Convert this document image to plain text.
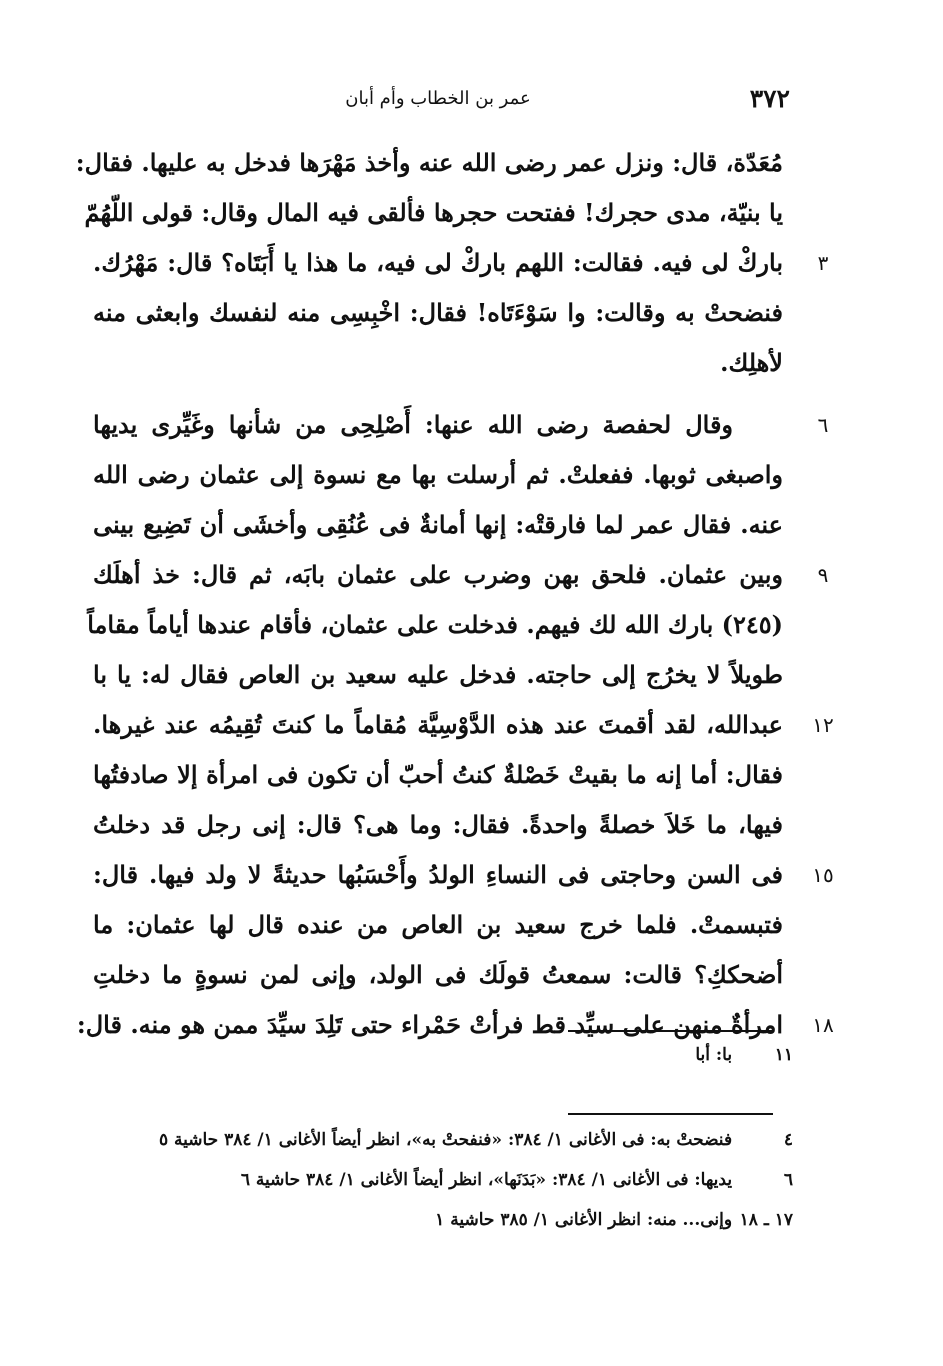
٣٧٢
عمر بن الخطاب وأم أبان
مُعَدّة، قال: ونزل عمر رضى الله عنه وأخذ مَهْرَها فدخل به عليها. فقال:
يا بنيّة، مدى حجرك! ففتحت حجرها فألقى فيه المال وقال: قولى اللّهُمّ
٣
باركْ لى فيه. فقالت: اللهم باركْ لى فيه، ما هذا يا أَبَتَاه؟ قال: مَهْرُك.
فنضحتْ به وقالت: وا سَوْءَتَاه! فقال: اخْبِسِى منه لنفسك وابعثى منه
لأهلِك.
٦
وقال لحفصة رضى الله عنها: أَصْلِحِى من شأنها وغَيِّرى يديها
واصبغى ثوبها. ففعلتْ. ثم أرسلت بها مع نسوة إلى عثمان رضى الله
عنه. فقال عمر لما فارقتْه: إنها أمانةٌ فى عُنُقِى وأخشَى أن تَضِيع بينى
٩
وبين عثمان. فلحق بهن وضرب على عثمان بابَه، ثم قال: خذ أهلَك
(٢٤٥) بارك الله لك فيهم. فدخلت على عثمان، فأقام عندها أياماً مقاماً
طويلاً لا يخرُج إلى حاجته. فدخل عليه سعيد بن العاص فقال له: يا با
١٢
عبدالله، لقد أقمتَ عند هذه الدَّوْسِيَّة مُقاماً ما كنتَ تُقِيمُه عند غيرها.
فقال: أما إنه ما بقيتْ خَصْلةٌ كنتُ أحبّ أن تكون فى امرأة إلا صادفتُها
فيها، ما خَلاَ خصلةً واحدةً. فقال: وما هى؟ قال: إنى رجل قد دخلتُ
١٥
فى السن وحاجتى فى النساءِ الولدُ وأَحْسَبُها حديثةً لا ولد فيها. قال:
فتبسمتْ. فلما خرج سعيد بن العاص من عنده قال لها عثمان: ما
أضحككِ؟ قالت: سمعتُ قولَك فى الولد، وإنى لمن نسوةٍ ما دخلتِ
١٨
امرأةٌ منهن على سيِّد قط فرأتْ حَمْراء حتى تَلِدَ سيِّدَ ممن هو منه. قال:
١١ با: أبا
٤ فنضحتْ به: فى الأغانى ١/ ٣٨٤: «فنفحتْ به»، انظر أيضاً الأغانى ١/ ٣٨٤ حاشية ٥
٦ يديها: فى الأغانى ١/ ٣٨٤: «بَدَنَها»، انظر أيضاً الأغانى ١/ ٣٨٤ حاشية ٦
١٧ ـ ١٨ وإنى... منه: انظر الأغانى ١/ ٣٨٥ حاشية ١
